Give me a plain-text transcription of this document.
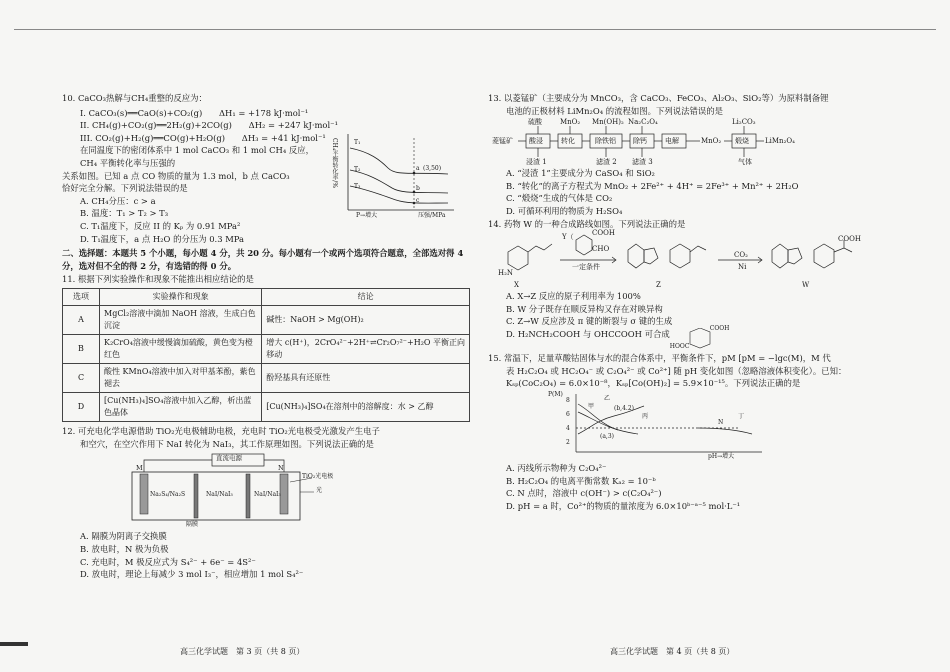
10. CaCO₃热解与CH₄重整的反应为：
I. CaCO₃(s)══CaO(s)+CO₂(g)　　ΔH₁ = +178 kJ·mol⁻¹
II. CH₄(g)+CO₂(g)══2H₂(g)+2CO(g)　　ΔH₂ = +247 kJ·mol⁻¹
III. CO₂(g)+H₂(g)══CO(g)+H₂O(g)　　ΔH₃ = +41 kJ·mol⁻¹
在同温度下的密闭体系中 1 mol CaCO₃ 和 1 mol CH₄ 反应，CH₄ 平衡转化率与压强的
关系如图。已知 a 点 CO 物质的量为 1.3 mol，b 点 CaCO₃
恰好完全分解。下列说法错误的是
A. CH₄分压：c > a
B. 温度：T₁ > T₂ > T₃
C. T₁温度下，反应 II 的 Kₚ 为 0.91 MPa²
D. T₁温度下，a 点 H₂O 的分压为 0.3 MPa
CH₄平衡转化率/%	T₁
T₂
T₃
a (3,50)
b
c
P→增大	压强/MPa
二、选择题：本题共 5 个小题，每小题 4 分，共 20 分。每小题有一个或两个选项符合题意，全部选对得 4 分，选对但不全的得 2 分，有选错的得 0 分。
11. 根据下列实验操作和现象不能推出相应结论的是
选项	实验操作和现象	结论
A	MgCl₂溶液中滴加 NaOH 溶液，生成白色沉淀	碱性：NaOH > Mg(OH)₂
B	K₂CrO₄溶液中缓慢滴加硫酸，黄色变为橙红色	增大 c(H⁺)，2CrO₄²⁻+2H⁺⇌Cr₂O₇²⁻+H₂O 平衡正向移动
C	酸性 KMnO₄溶液中加入对甲基苯酚，紫色褪去	酚羟基具有还原性
D	[Cu(NH₃)₄]SO₄溶液中加入乙醇，析出蓝色晶体	[Cu(NH₃)₄]SO₄在溶剂中的溶解度：水 > 乙醇
12. 可充电化学电源借助 TiO₂光电极辅助电极，充电时 TiO₂光电极受光激发产生电子
和空穴，在空穴作用下 NaI 转化为 NaI₃，其工作原理如图。下列说法正确的是
直流电源
M	N
Na₂S₄/Na₂S	NaI/NaI₃	NaI/NaI₃
TiO₂光电极
光
隔膜
A. 隔膜为阴离子交换膜
B. 放电时，N 极为负极
C. 充电时，M 极反应式为 S₄²⁻ + 6e⁻ = 4S²⁻
D. 放电时，理论上每减少 3 mol I₃⁻，相应增加 1 mol S₄²⁻
高三化学试题　第 3 页（共 8 页）
13. 以菱锰矿（主要成分为 MnCO₃，含 CaCO₃、FeCO₃、Al₂O₃、SiO₂等）为原料制备锂
电池的正极材料 LiMn₂O₄ 的流程如图。下列说法错误的是
硫酸	MnO₂ Mn(OH)₂ Na₂C₂O₄	Li₂CO₃
菱锰矿 酸浸	转化	除铁铝 除钙	电解	MnO₂ 煅烧 LiMn₂O₄
浸渣 1	滤渣 2 滤渣 3	气体
A. “浸渣 1”主要成分为 CaSO₄ 和 SiO₂
B. “转化”的离子方程式为 MnO₂ + 2Fe²⁺ + 4H⁺ = 2Fe³⁺ + Mn²⁺ + 2H₂O
C. “煅烧”生成的气体是 CO₂
D. 可循环利用的物质为 H₂SO₄
14. 药物 W 的一种合成路线如图。下列说法正确的是
H₂N
Y（	COOH
CHO
一定条件
CO₂
Ni
COOH
X	Z	W
A. X→Z 反应的原子利用率为 100%
B. W 分子既存在顺反异构又存在对映异构
C. Z→W 反应涉及 π 键的断裂与 σ 键的生成
D. H₂NCH₂COOH 与 OHCCOOH 可合成
COOH
HOOC
15. 常温下，足量草酸钴固体与水的混合体系中，平衡条件下，pM [pM = −lgc(M)，M 代
表 H₂C₂O₄ 或 HC₂O₄⁻ 或 C₂O₄²⁻ 或 Co²⁺] 随 pH 变化如图（忽略溶液体积变化）。已知：
Kₛₚ(CoC₂O₄) = 6.0×10⁻⁸，Kₛₚ[Co(OH)₂] = 5.9×10⁻¹⁵。下列说法正确的是
P(M)
8
6
4
2
甲
乙
丙	丁
(b,4.2)
(a,3)
N
pH→增大
A. 丙线所示物种为 C₂O₄²⁻
B. H₂C₂O₄ 的电离平衡常数 Kₐ₂ = 10⁻ᵇ
C. N 点时，溶液中 c(OH⁻) > c(C₂O₄²⁻)
D. pH = a 时，Co²⁺的物质的量浓度为 6.0×10ᵇ⁻ᵃ⁻⁵ mol·L⁻¹
高三化学试题　第 4 页（共 8 页）
